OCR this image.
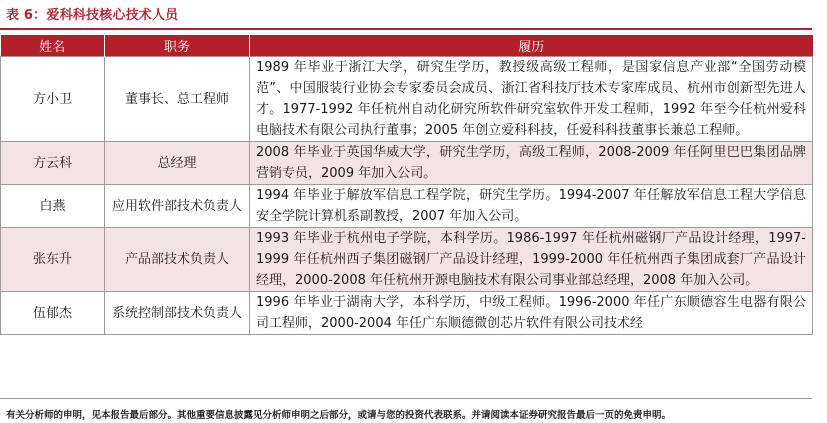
表 6：爱科科技核心技术人员
姓名	职务	履历
方小卫	董事长、总工程师	1989 年毕业于浙江大学，研究生学历，教授级高级工程师，是国家信息产业部“全国劳动模范”、中国服装行业协会专家委员会成员、浙江省科技厅技术专家库成员、杭州市创新型先进人才。1977-1992 年任杭州自动化研究所软件研究室软件开发工程师，1992 年至今任杭州爱科电脑技术有限公司执行董事；2005 年创立爱科科技，任爱科科技董事长兼总工程师。
方云科	总经理	2008 年毕业于英国华威大学，研究生学历，高级工程师，2008-2009 年任阿里巴巴集团品牌营销专员，2009 年加入公司。
白燕	应用软件部技术负责人	1994 年毕业于解放军信息工程学院，研究生学历。1994-2007 年任解放军信息工程大学信息安全学院计算机系副教授，2007 年加入公司。
张东升	产品部技术负责人	1993 年毕业于杭州电子学院，本科学历。1986-1997 年任杭州磁钢厂产品设计经理，1997-1999 年任杭州西子集团磁钢厂产品设计经理，1999-2000 年任杭州西子集团成套厂产品设计经理，2000-2008 年任杭州开源电脑技术有限公司事业部总经理，2008 年加入公司。
伍郁杰	系统控制部技术负责人	1996 年毕业于湖南大学，本科学历，中级工程师。1996-2000 年任广东顺德容生电器有限公司工程师，2000-2004 年任广东顺德微创芯片软件有限公司技术经
有关分析师的申明，见本报告最后部分。其他重要信息披露见分析师申明之后部分，或请与您的投资代表联系。并请阅读本证券研究报告最后一页的免责申明。
